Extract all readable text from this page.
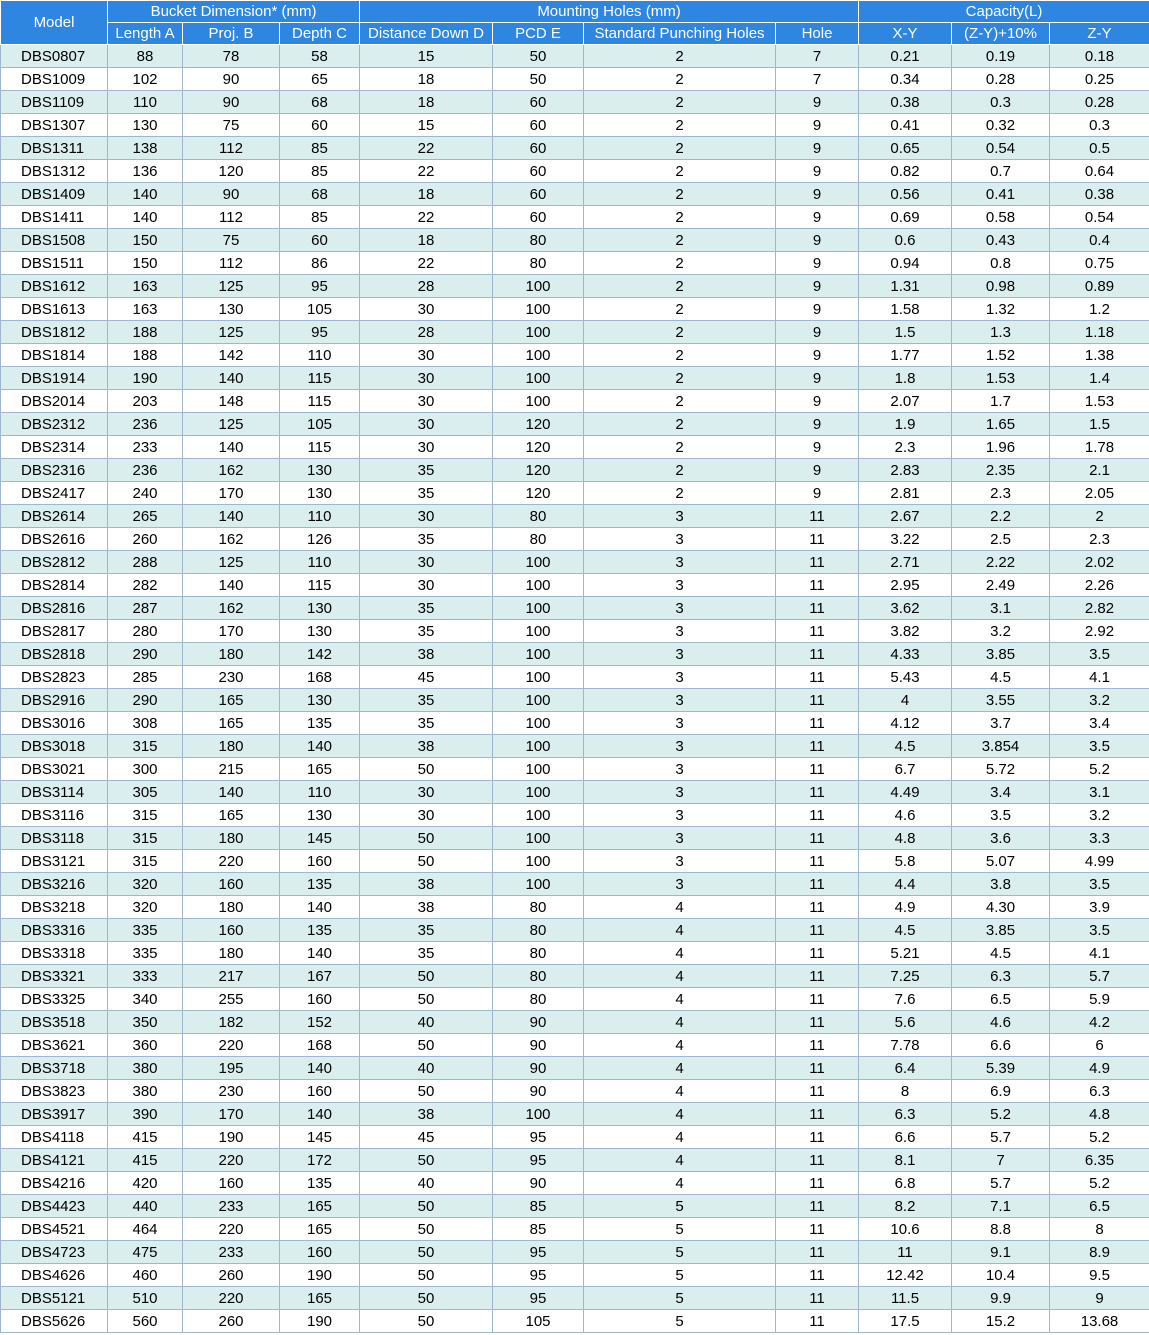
Model	Bucket Dimension* (mm)			Mounting Holes (mm)				Capacity(L)		
	Length A	Proj. B	Depth C	Distance Down D	PCD E	Standard Punching Holes	Hole	X-Y	(Z-Y)+10%	Z-Y
DBS0807	88	78	58	15	50	2	7	0.21	0.19	0.18
DBS1009	102	90	65	18	50	2	7	0.34	0.28	0.25
DBS1109	110	90	68	18	60	2	9	0.38	0.3	0.28
DBS1307	130	75	60	15	60	2	9	0.41	0.32	0.3
DBS1311	138	112	85	22	60	2	9	0.65	0.54	0.5
DBS1312	136	120	85	22	60	2	9	0.82	0.7	0.64
DBS1409	140	90	68	18	60	2	9	0.56	0.41	0.38
DBS1411	140	112	85	22	60	2	9	0.69	0.58	0.54
DBS1508	150	75	60	18	80	2	9	0.6	0.43	0.4
DBS1511	150	112	86	22	80	2	9	0.94	0.8	0.75
DBS1612	163	125	95	28	100	2	9	1.31	0.98	0.89
DBS1613	163	130	105	30	100	2	9	1.58	1.32	1.2
DBS1812	188	125	95	28	100	2	9	1.5	1.3	1.18
DBS1814	188	142	110	30	100	2	9	1.77	1.52	1.38
DBS1914	190	140	115	30	100	2	9	1.8	1.53	1.4
DBS2014	203	148	115	30	100	2	9	2.07	1.7	1.53
DBS2312	236	125	105	30	120	2	9	1.9	1.65	1.5
DBS2314	233	140	115	30	120	2	9	2.3	1.96	1.78
DBS2316	236	162	130	35	120	2	9	2.83	2.35	2.1
DBS2417	240	170	130	35	120	2	9	2.81	2.3	2.05
DBS2614	265	140	110	30	80	3	11	2.67	2.2	2
DBS2616	260	162	126	35	80	3	11	3.22	2.5	2.3
DBS2812	288	125	110	30	100	3	11	2.71	2.22	2.02
DBS2814	282	140	115	30	100	3	11	2.95	2.49	2.26
DBS2816	287	162	130	35	100	3	11	3.62	3.1	2.82
DBS2817	280	170	130	35	100	3	11	3.82	3.2	2.92
DBS2818	290	180	142	38	100	3	11	4.33	3.85	3.5
DBS2823	285	230	168	45	100	3	11	5.43	4.5	4.1
DBS2916	290	165	130	35	100	3	11	4	3.55	3.2
DBS3016	308	165	135	35	100	3	11	4.12	3.7	3.4
DBS3018	315	180	140	38	100	3	11	4.5	3.854	3.5
DBS3021	300	215	165	50	100	3	11	6.7	5.72	5.2
DBS3114	305	140	110	30	100	3	11	4.49	3.4	3.1
DBS3116	315	165	130	30	100	3	11	4.6	3.5	3.2
DBS3118	315	180	145	50	100	3	11	4.8	3.6	3.3
DBS3121	315	220	160	50	100	3	11	5.8	5.07	4.99
DBS3216	320	160	135	38	100	3	11	4.4	3.8	3.5
DBS3218	320	180	140	38	80	4	11	4.9	4.30	3.9
DBS3316	335	160	135	35	80	4	11	4.5	3.85	3.5
DBS3318	335	180	140	35	80	4	11	5.21	4.5	4.1
DBS3321	333	217	167	50	80	4	11	7.25	6.3	5.7
DBS3325	340	255	160	50	80	4	11	7.6	6.5	5.9
DBS3518	350	182	152	40	90	4	11	5.6	4.6	4.2
DBS3621	360	220	168	50	90	4	11	7.78	6.6	6
DBS3718	380	195	140	40	90	4	11	6.4	5.39	4.9
DBS3823	380	230	160	50	90	4	11	8	6.9	6.3
DBS3917	390	170	140	38	100	4	11	6.3	5.2	4.8
DBS4118	415	190	145	45	95	4	11	6.6	5.7	5.2
DBS4121	415	220	172	50	95	4	11	8.1	7	6.35
DBS4216	420	160	135	40	90	4	11	6.8	5.7	5.2
DBS4423	440	233	165	50	85	5	11	8.2	7.1	6.5
DBS4521	464	220	165	50	85	5	11	10.6	8.8	8
DBS4723	475	233	160	50	95	5	11	11	9.1	8.9
DBS4626	460	260	190	50	95	5	11	12.42	10.4	9.5
DBS5121	510	220	165	50	95	5	11	11.5	9.9	9
DBS5626	560	260	190	50	105	5	11	17.5	15.2	13.68
